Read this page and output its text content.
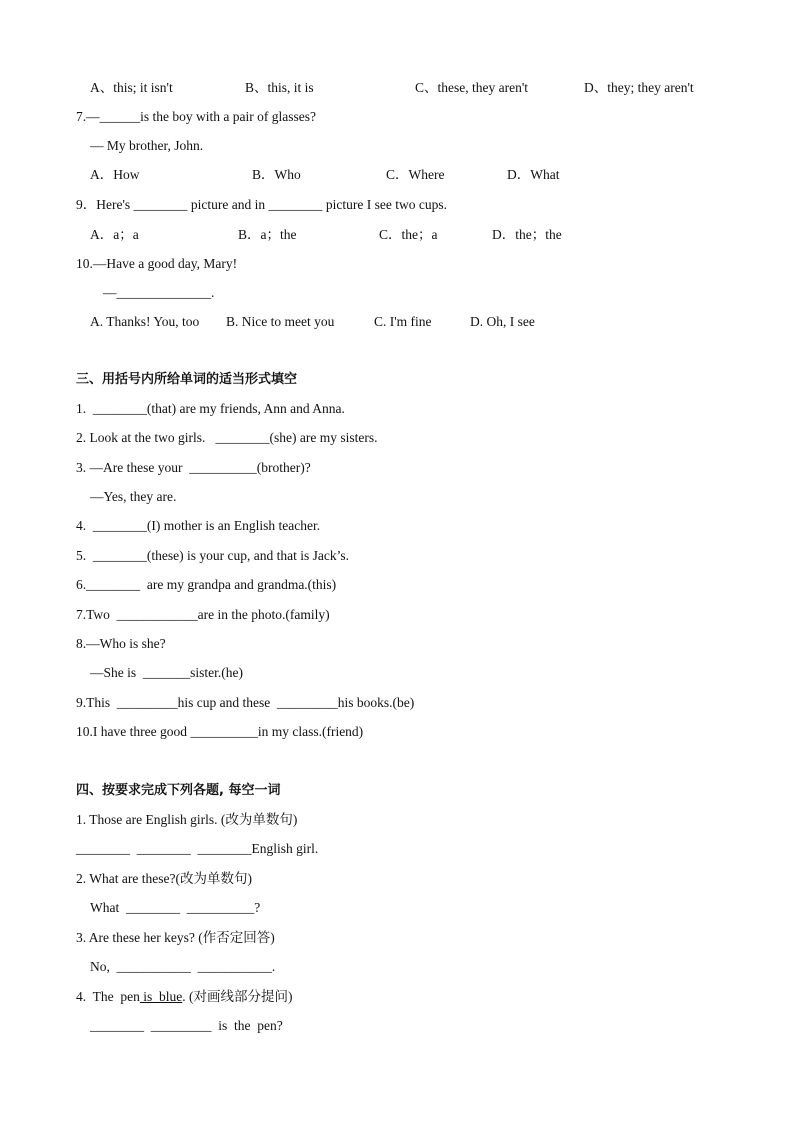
A、this; it isn't	B、this, it is	C、these, they aren't	D、they; they aren't
7.—______is the boy with a pair of glasses?
— My brother, John.
A．How	B．Who	C．Where	D．What
9．Here's ________ picture and in ________ picture I see two cups.
A．a；a	B．a；the	C．the；a	D．the；the
10.—Have a good day, Mary!
—______________.
A. Thanks! You, too B. Nice to meet you	C. I'm fine	D. Oh, I see
三、用括号内所给单词的适当形式填空
1.  ________(that) are my friends, Ann and Anna.
2. Look at the two girls.   ________(she) are my sisters.
3. —Are these your  __________(brother)?
—Yes, they are.
4.  ________(I) mother is an English teacher.
5.  ________(these) is your cup, and that is Jack’s.
6.________  are my grandpa and grandma.(this)
7.Two  ____________are in the photo.(family)
8.—Who is she?
—She is  _______sister.(he)
9.This  _________his cup and these  _________his books.(be)
10.I have three good __________in my class.(friend)
四、按要求完成下列各题, 每空一词
1. Those are English girls. (改为单数句)
________  ________  ________English girl.
2. What are these?(改为单数句)
What  ________  __________?
3. Are these her keys? (作否定回答)
No,  ___________  ___________.
4.  The  pen is  blue. (对画线部分提问)
________  _________  is  the  pen?
